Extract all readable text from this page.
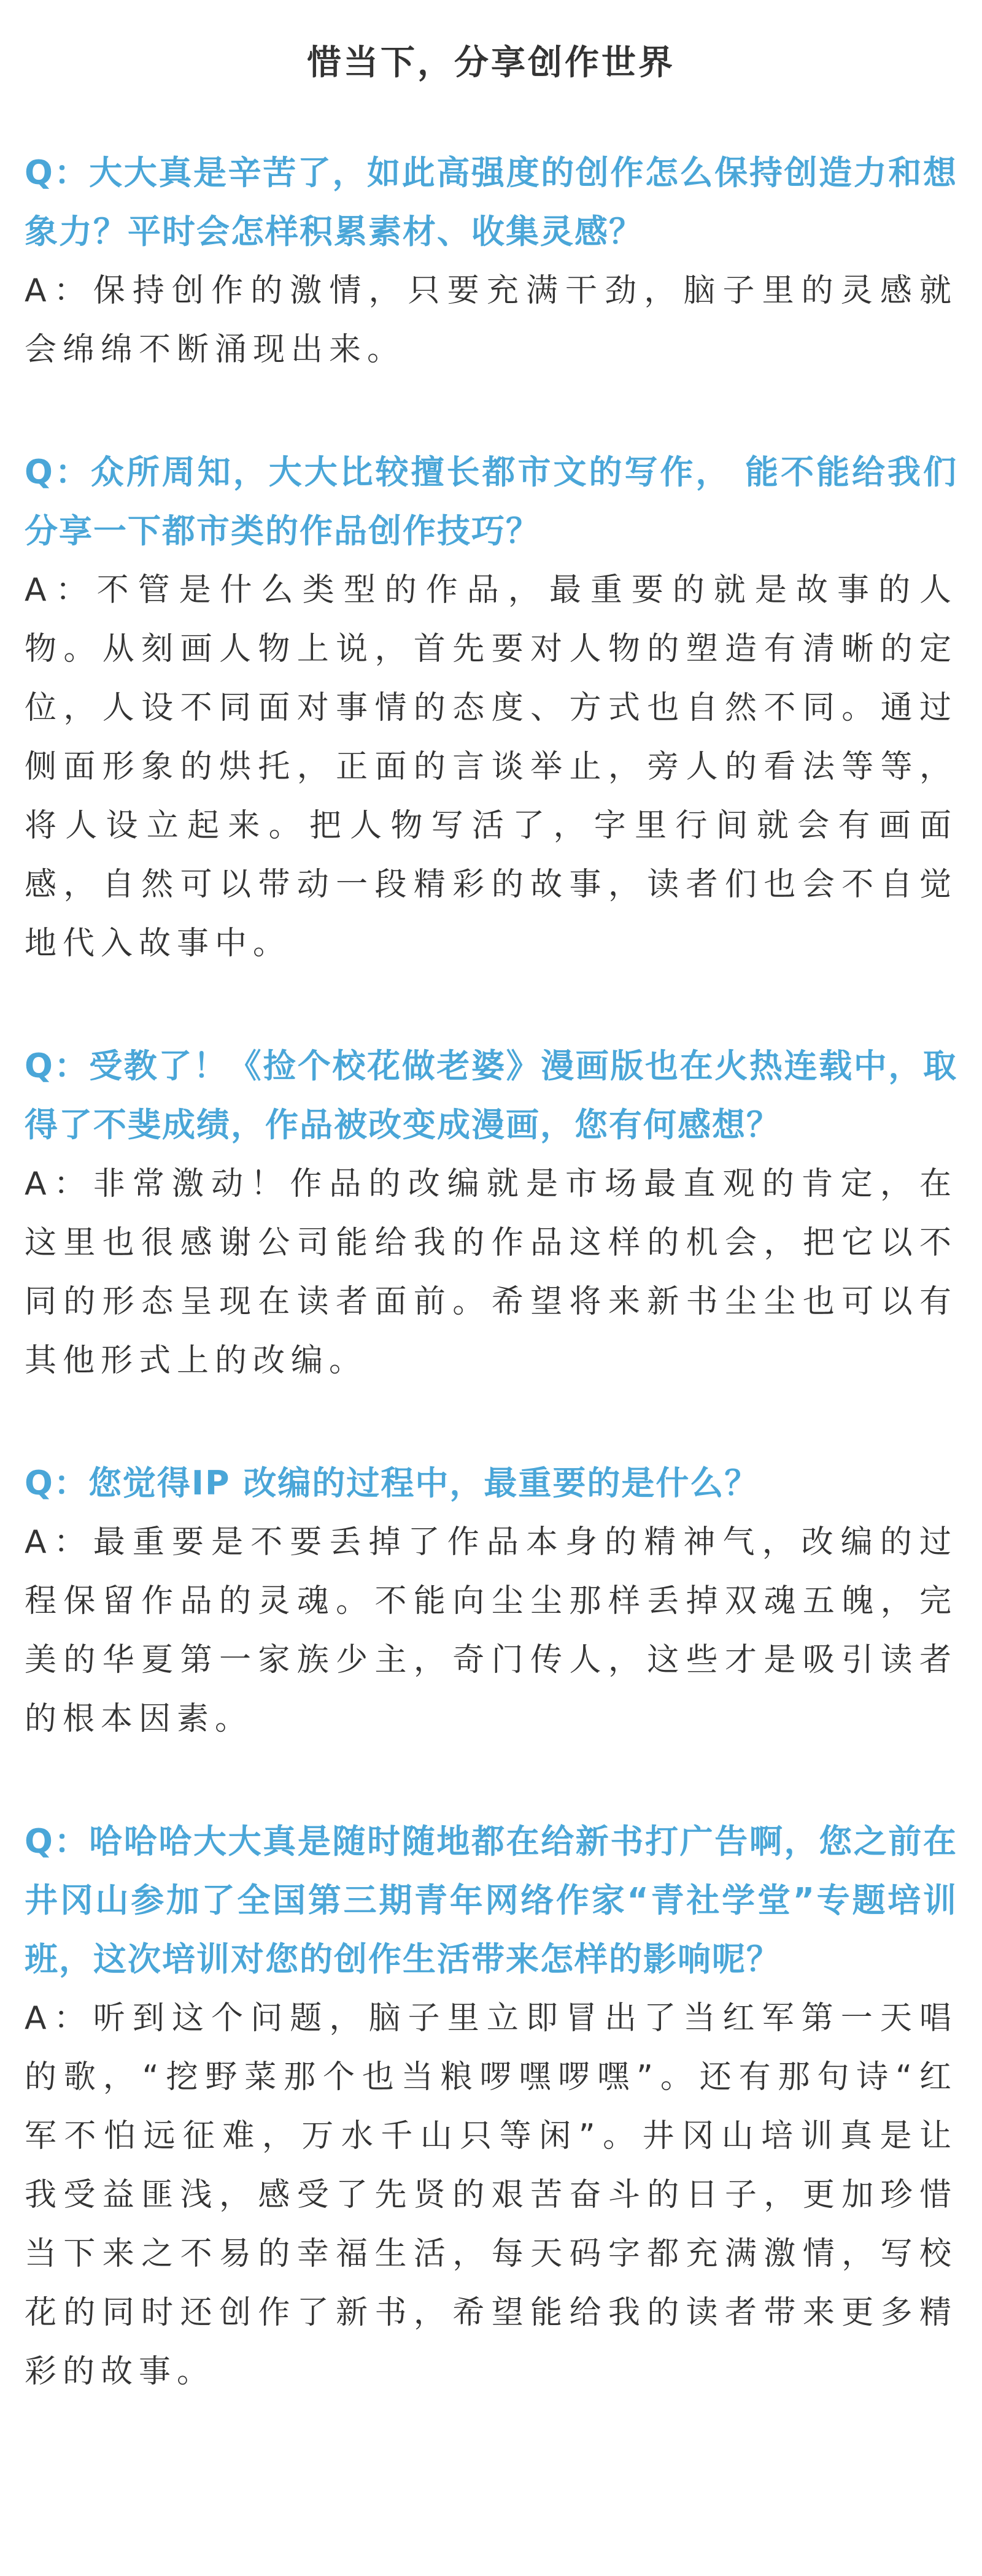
惜当下，分享创作世界

Q：大大真是辛苦了，如此高强度的创作怎么保持创造力和想象力？平时会怎样积累素材、收集灵感？

A：保持创作的激情，只要充满干劲，脑子里的灵感就会绵绵不断涌现出来。

Q：众所周知，大大比较擅长都市文的写作， 能不能给我们分享一下都市类的作品创作技巧？

A：不管是什么类型的作品，最重要的就是故事的人物。从刻画人物上说，首先要对人物的塑造有清晰的定位，人设不同面对事情的态度、方式也自然不同。通过侧面形象的烘托，正面的言谈举止，旁人的看法等等，将人设立起来。把人物写活了，字里行间就会有画面感，自然可以带动一段精彩的故事，读者们也会不自觉地代入故事中。

Q：受教了！《捡个校花做老婆》漫画版也在火热连载中，取得了不斐成绩，作品被改变成漫画，您有何感想？

A：非常激动！作品的改编就是市场最直观的肯定，在这里也很感谢公司能给我的作品这样的机会，把它以不同的形态呈现在读者面前。希望将来新书尘尘也可以有其他形式上的改编。

Q：您觉得IP 改编的过程中，最重要的是什么？

A：最重要是不要丢掉了作品本身的精神气，改编的过程保留作品的灵魂。不能向尘尘那样丢掉双魂五魄，完美的华夏第一家族少主，奇门传人，这些才是吸引读者的根本因素。

Q：哈哈哈大大真是随时随地都在给新书打广告啊，您之前在井冈山参加了全国第三期青年网络作家“青社学堂”专题培训班，这次培训对您的创作生活带来怎样的影响呢？

A：听到这个问题，脑子里立即冒出了当红军第一天唱的歌，“挖野菜那个也当粮啰嘿啰嘿”。还有那句诗“红军不怕远征难，万水千山只等闲”。井冈山培训真是让我受益匪浅，感受了先贤的艰苦奋斗的日子，更加珍惜当下来之不易的幸福生活，每天码字都充满激情，写校花的同时还创作了新书，希望能给我的读者带来更多精彩的故事。
